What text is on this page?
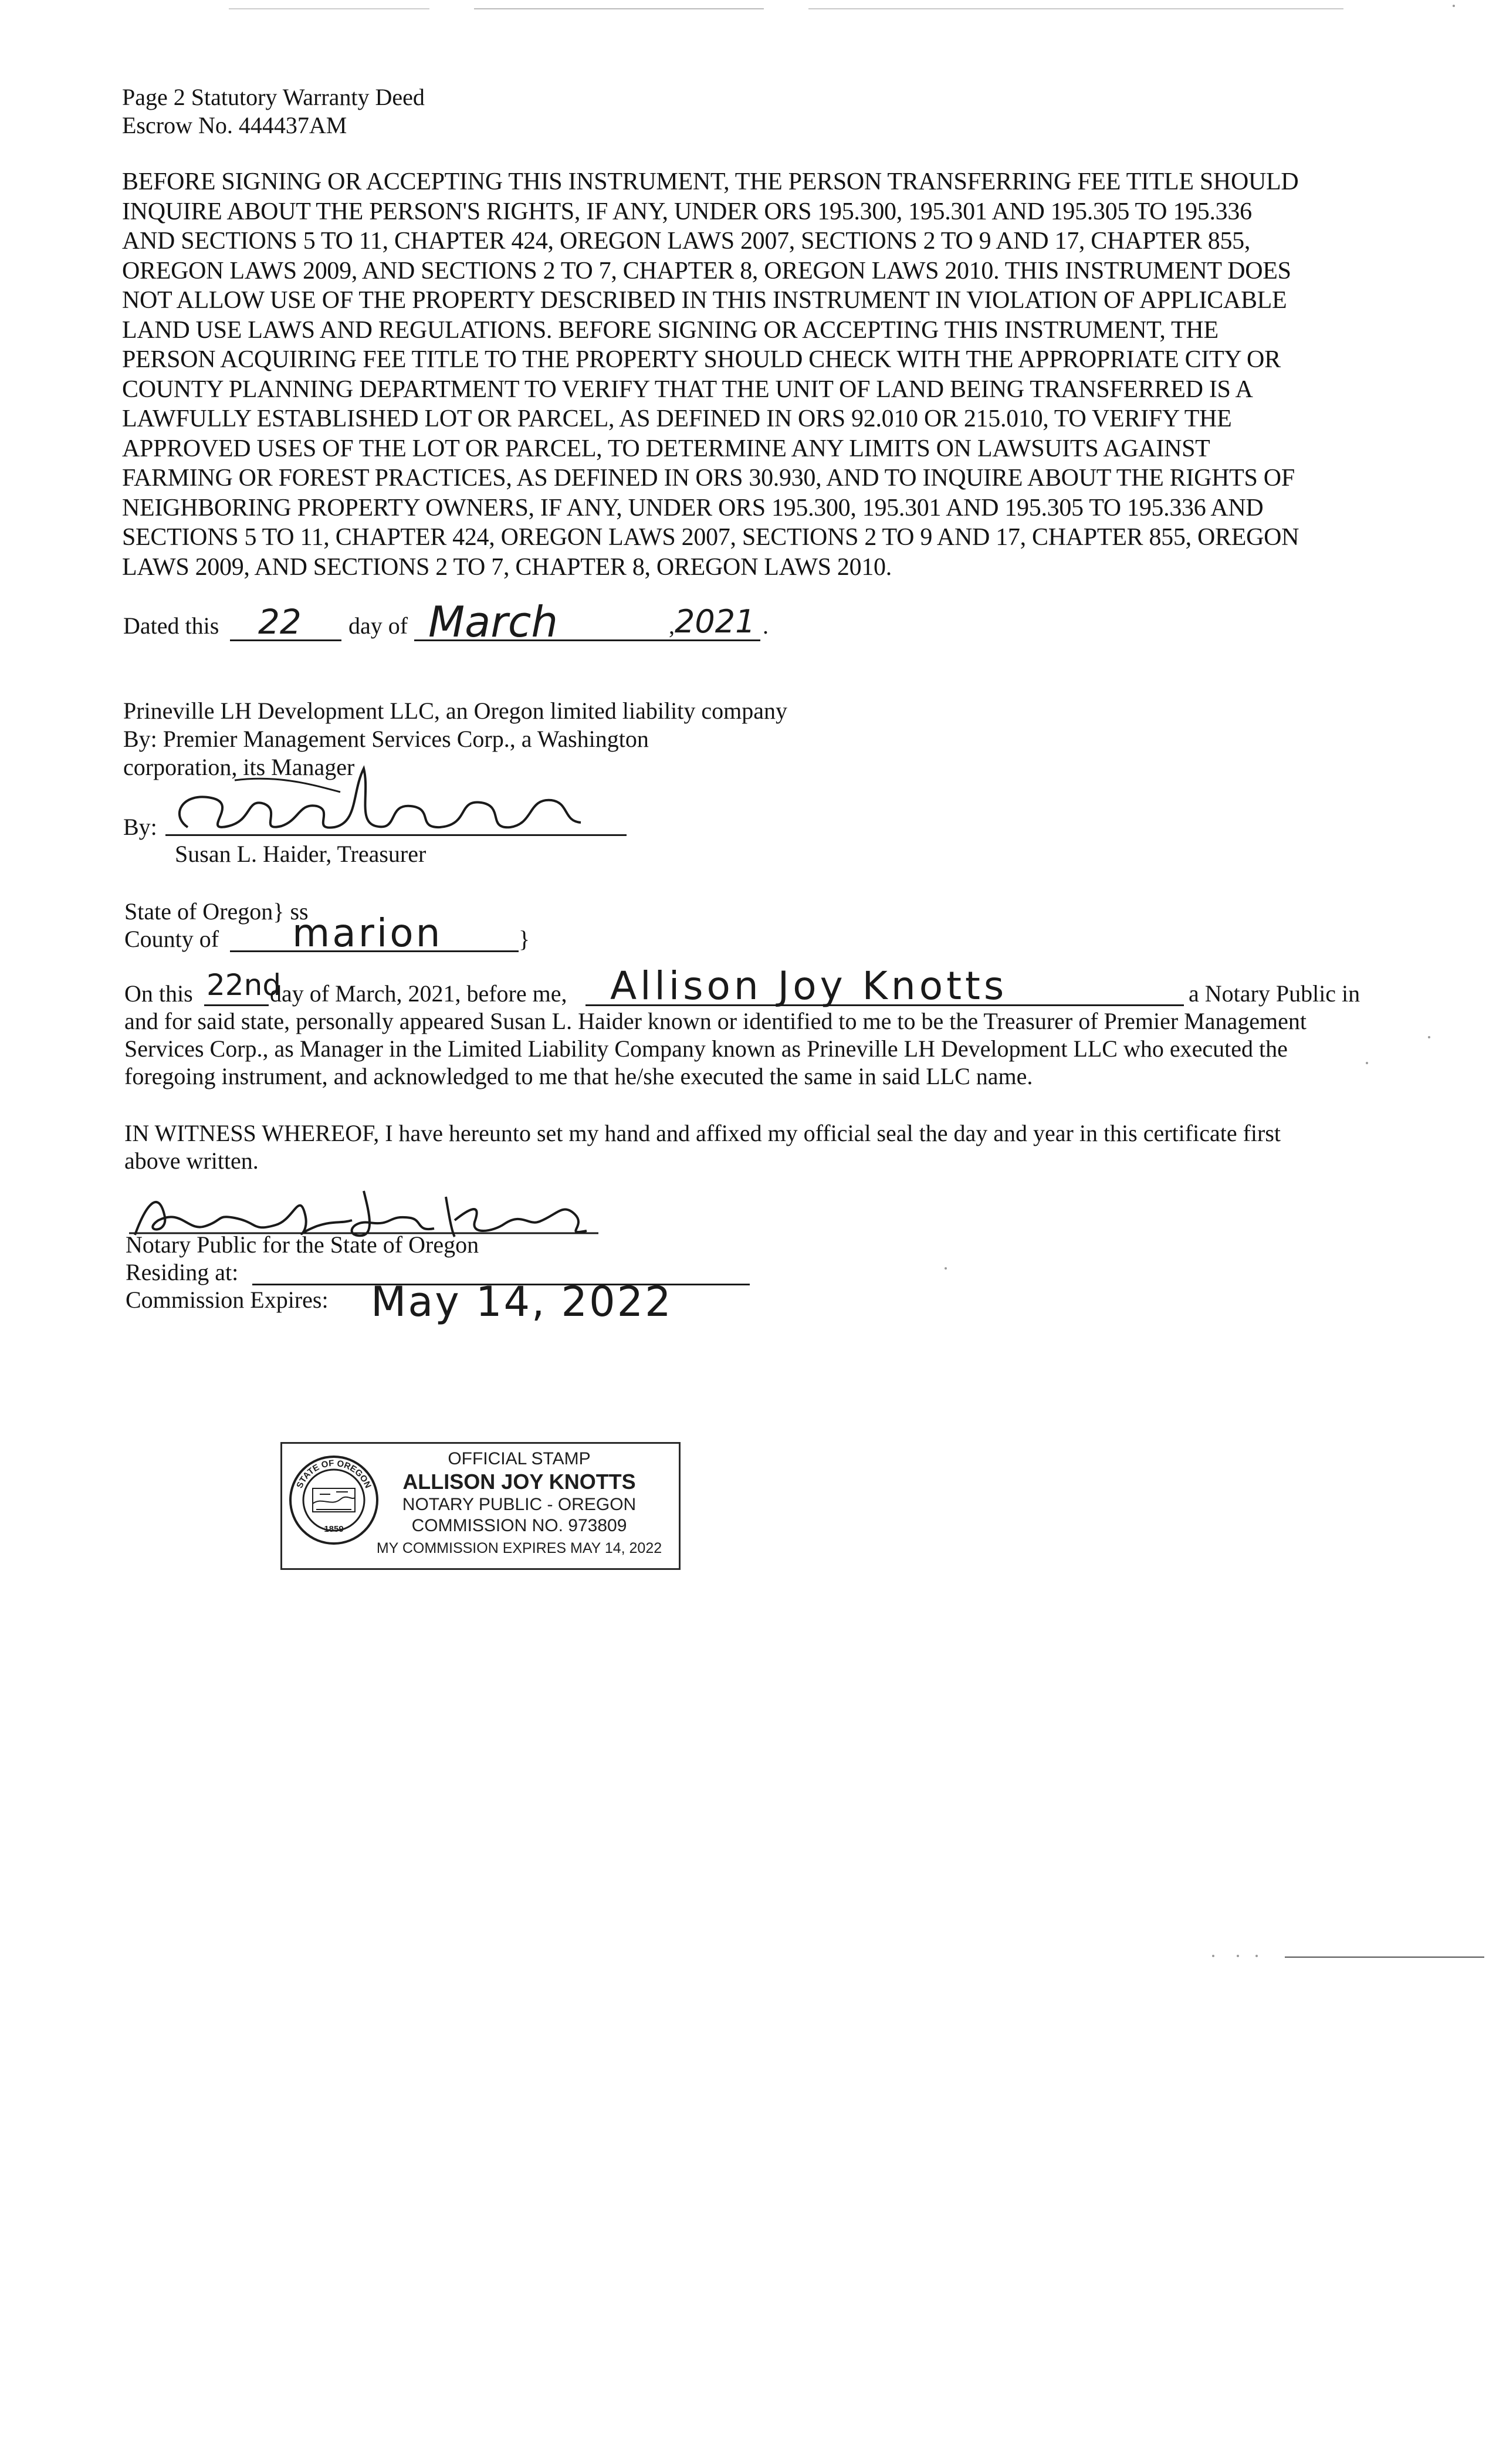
Page 2 Statutory Warranty Deed
Escrow No. 444437AM
BEFORE SIGNING OR ACCEPTING THIS INSTRUMENT, THE PERSON TRANSFERRING FEE TITLE SHOULD
INQUIRE ABOUT THE PERSON'S RIGHTS, IF ANY, UNDER ORS 195.300, 195.301 AND 195.305 TO 195.336
AND SECTIONS 5 TO 11, CHAPTER 424, OREGON LAWS 2007, SECTIONS 2 TO 9 AND 17, CHAPTER 855,
OREGON LAWS 2009, AND SECTIONS 2 TO 7, CHAPTER 8, OREGON LAWS 2010. THIS INSTRUMENT DOES
NOT ALLOW USE OF THE PROPERTY DESCRIBED IN THIS INSTRUMENT IN VIOLATION OF APPLICABLE
LAND USE LAWS AND REGULATIONS. BEFORE SIGNING OR ACCEPTING THIS INSTRUMENT, THE
PERSON ACQUIRING FEE TITLE TO THE PROPERTY SHOULD CHECK WITH THE APPROPRIATE CITY OR
COUNTY PLANNING DEPARTMENT TO VERIFY THAT THE UNIT OF LAND BEING TRANSFERRED IS A
LAWFULLY ESTABLISHED LOT OR PARCEL, AS DEFINED IN ORS 92.010 OR 215.010, TO VERIFY THE
APPROVED USES OF THE LOT OR PARCEL, TO DETERMINE ANY LIMITS ON LAWSUITS AGAINST
FARMING OR FOREST PRACTICES, AS DEFINED IN ORS 30.930, AND TO INQUIRE ABOUT THE RIGHTS OF
NEIGHBORING PROPERTY OWNERS, IF ANY, UNDER ORS 195.300, 195.301 AND 195.305 TO 195.336 AND
SECTIONS 5 TO 11, CHAPTER 424, OREGON LAWS 2007, SECTIONS 2 TO 9 AND 17, CHAPTER 855, OREGON
LAWS 2009, AND SECTIONS 2 TO 7, CHAPTER 8, OREGON LAWS 2010.
Dated this 22 day of March	, 2021 .
Prineville LH Development LLC, an Oregon limited liability company
By: Premier Management Services Corp., a Washington
corporation, its Manager
By:
Susan L. Haider, Treasurer
State of Oregon} ss
County of marion	}
On this 22nd
day of March, 2021, before me, Allison Joy Knotts	a Notary Public in
and for said state, personally appeared Susan L. Haider known or identified to me to be the Treasurer of Premier Management
Services Corp., as Manager in the Limited Liability Company known as Prineville LH Development LLC who executed the
foregoing instrument, and acknowledged to me that he/she executed the same in said LLC name.
IN WITNESS WHEREOF, I have hereunto set my hand and affixed my official seal the day and year in this certificate first
above written.
Notary Public for the State of Oregon
Residing at:
Commission Expires: May 14, 2022
STATE OF OREGON
1859
OFFICIAL STAMP
ALLISON JOY KNOTTS
NOTARY PUBLIC - OREGON
COMMISSION NO. 973809
MY COMMISSION EXPIRES MAY 14, 2022
